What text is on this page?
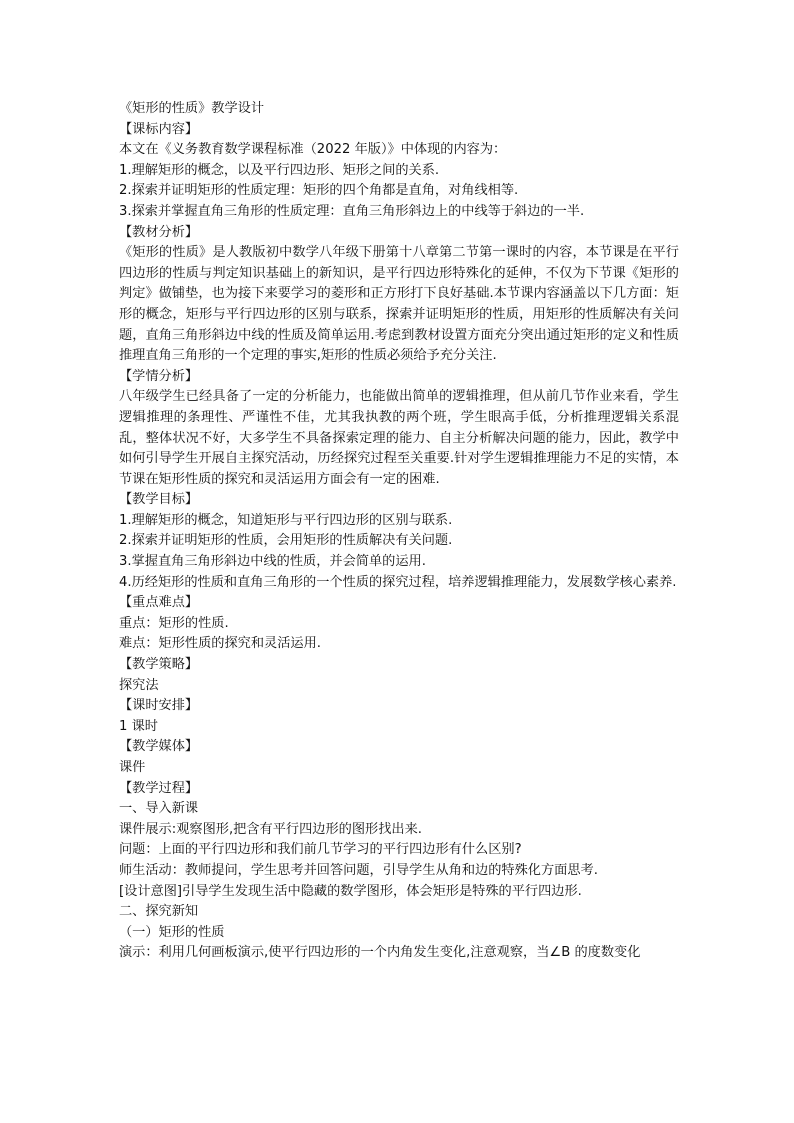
《矩形的性质》教学设计
【课标内容】
本文在《义务教育数学课程标准（2022 年版）》中体现的内容为：
1.理解矩形的概念，以及平行四边形、矩形之间的关系.
2.探索并证明矩形的性质定理：矩形的四个角都是直角，对角线相等.
3.探索并掌握直角三角形的性质定理：直角三角形斜边上的中线等于斜边的一半.
【教材分析】
《矩形的性质》是人教版初中数学八年级下册第十八章第二节第一课时的内容，本节课是在平行四边形的性质与判定知识基础上的新知识，是平行四边形特殊化的延伸，不仅为下节课《矩形的判定》做铺垫，也为接下来要学习的菱形和正方形打下良好基础.本节课内容涵盖以下几方面：矩形的概念，矩形与平行四边形的区别与联系，探索并证明矩形的性质，用矩形的性质解决有关问题，直角三角形斜边中线的性质及简单运用.考虑到教材设置方面充分突出通过矩形的定义和性质推理直角三角形的一个定理的事实,矩形的性质必须给予充分关注.
【学情分析】
八年级学生已经具备了一定的分析能力，也能做出简单的逻辑推理，但从前几节作业来看，学生逻辑推理的条理性、严谨性不佳，尤其我执教的两个班，学生眼高手低，分析推理逻辑关系混乱，整体状况不好，大多学生不具备探索定理的能力、自主分析解决问题的能力，因此，教学中如何引导学生开展自主探究活动，历经探究过程至关重要.针对学生逻辑推理能力不足的实情，本节课在矩形性质的探究和灵活运用方面会有一定的困难.
【教学目标】
1.理解矩形的概念，知道矩形与平行四边形的区别与联系.
2.探索并证明矩形的性质，会用矩形的性质解决有关问题.
3.掌握直角三角形斜边中线的性质，并会简单的运用.
4.历经矩形的性质和直角三角形的一个性质的探究过程，培养逻辑推理能力，发展数学核心素养.
【重点难点】
重点：矩形的性质.
难点：矩形性质的探究和灵活运用.
【教学策略】
探究法
【课时安排】
1 课时
【教学媒体】
课件
【教学过程】
一、导入新课
课件展示:观察图形,把含有平行四边形的图形找出来.
问题：上面的平行四边形和我们前几节学习的平行四边形有什么区别?
师生活动：教师提问，学生思考并回答问题，引导学生从角和边的特殊化方面思考.
[设计意图]引导学生发现生活中隐藏的数学图形，体会矩形是特殊的平行四边形.
二、探究新知
（一）矩形的性质
演示：利用几何画板演示,使平行四边形的一个内角发生变化,注意观察，当∠B 的度数变化
